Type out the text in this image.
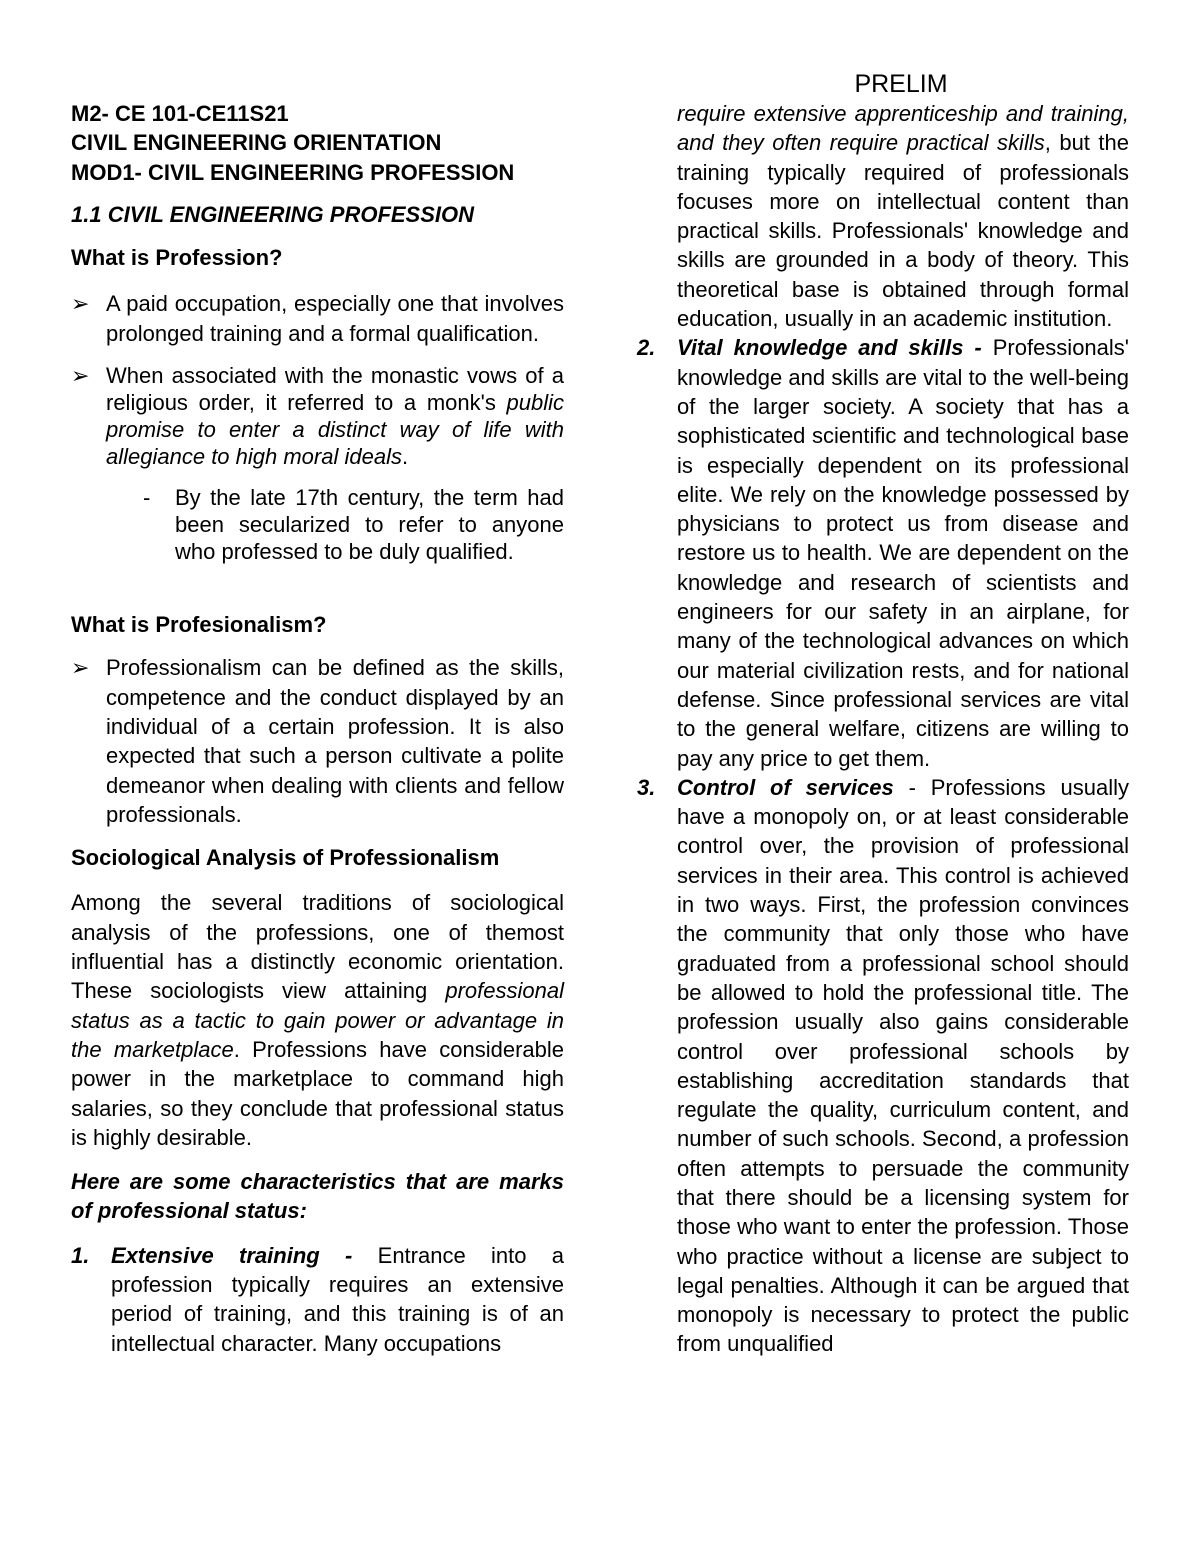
PRELIM

M2- CE 101-CE11S21

CIVIL ENGINEERING ORIENTATION

MOD1- CIVIL ENGINEERING PROFESSION

1.1 CIVIL ENGINEERING PROFESSION

What is Profession?

➢ A paid occupation, especially one that involves prolonged training and a formal qualification.
➢ When associated with the monastic vows of a religious order, it referred to a monk's public promise to enter a distinct way of life with allegiance to high moral ideals.
- By the late 17th century, the term had been secularized to refer to anyone who professed to be duly qualified.

What is Profesionalism?

➢ Professionalism can be defined as the skills, competence and the conduct displayed by an individual of a certain profession. It is also expected that such a person cultivate a polite demeanor when dealing with clients and fellow professionals.

Sociological Analysis of Professionalism

Among the several traditions of sociological analysis of the professions, one of themost influential has a distinctly economic orientation. These sociologists view attaining professional status as a tactic to gain power or advantage in the marketplace. Professions have considerable power in the marketplace to command high salaries, so they conclude that professional status is highly desirable.

Here are some characteristics that are marks of professional status:

1. Extensive training - Entrance into a profession typically requires an extensive period of training, and this training is of an intellectual character. Many occupations
require extensive apprenticeship and training, and they often require practical skills, but the training typically required of professionals focuses more on intellectual content than practical skills. Professionals' knowledge and skills are grounded in a body of theory. This theoretical base is obtained through formal education, usually in an academic institution.
2. Vital knowledge and skills - Professionals' knowledge and skills are vital to the well-being of the larger society. A society that has a sophisticated scientific and technological base is especially dependent on its professional elite. We rely on the knowledge possessed by physicians to protect us from disease and restore us to health. We are dependent on the knowledge and research of scientists and engineers for our safety in an airplane, for many of the technological advances on which our material civilization rests, and for national defense. Since professional services are vital to the general welfare, citizens are willing to pay any price to get them.
3. Control of services - Professions usually have a monopoly on, or at least considerable control over, the provision of professional services in their area. This control is achieved in two ways. First, the profession convinces the community that only those who have graduated from a professional school should be allowed to hold the professional title. The profession usually also gains considerable control over professional schools by establishing accreditation standards that regulate the quality, curriculum content, and number of such schools. Second, a profession often attempts to persuade the community that there should be a licensing system for those who want to enter the profession. Those who practice without a license are subject to legal penalties. Although it can be argued that monopoly is necessary to protect the public from unqualified
